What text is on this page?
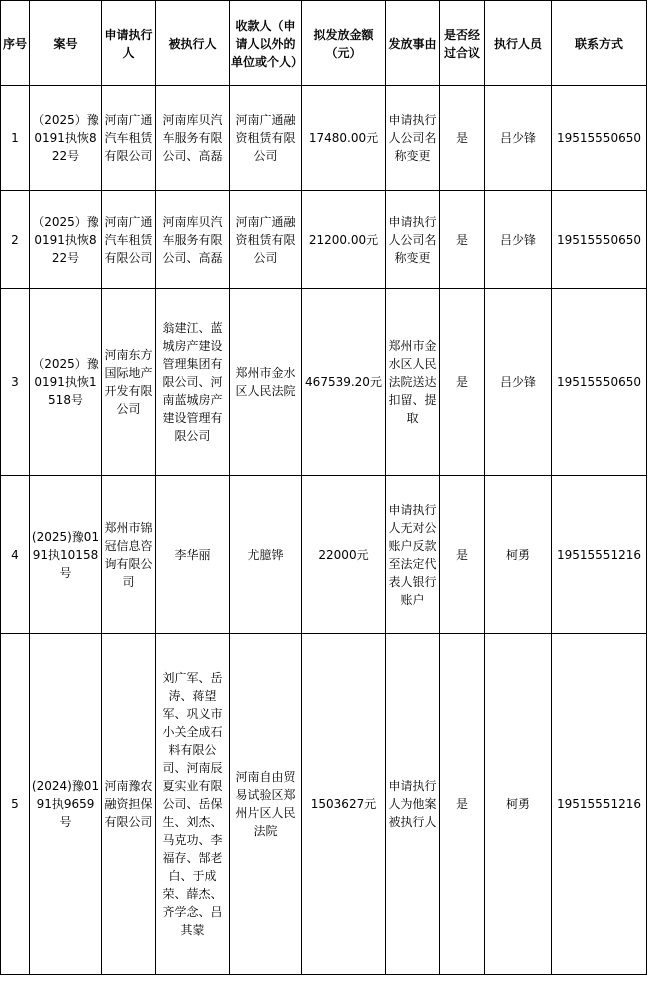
序号	案号	申请执行人	被执行人	收款人（申请人以外的单位或个人）	拟发放金额（元）	发放事由	是否经过合议	执行人员	联系方式
1	（2025）豫0191执恢822号	河南广通汽车租赁有限公司	河南库贝汽车服务有限公司、高磊	河南广通融资租赁有限公司	17480.00元	申请执行人公司名称变更	是	吕少锋	19515550650
2	（2025）豫0191执恢822号	河南广通汽车租赁有限公司	河南库贝汽车服务有限公司、高磊	河南广通融资租赁有限公司	21200.00元	申请执行人公司名称变更	是	吕少锋	19515550650
3	（2025）豫0191执恢1518号	河南东方国际地产开发有限公司	翁建江、蓝城房产建设管理集团有限公司、河南蓝城房产建设管理有限公司	郑州市金水区人民法院	467539.20元	郑州市金水区人民法院送达扣留、提取	是	吕少锋	19515550650
4	(2025)豫0191执10158号	郑州市锦冠信息咨询有限公司	李华丽	尤臆铧	22000元	申请执行人无对公账户反款至法定代表人银行账户	是	柯勇	19515551216
5	(2024)豫0191执9659号	河南豫农融资担保有限公司	刘广军、岳涛、蒋望军、巩义市小关全成石料有限公司、河南辰夏实业有限公司、岳保生、刘杰、马克功、李福存、郜老白、于成荣、薛杰、齐学念、吕其蒙	河南自由贸易试验区郑州片区人民法院	1503627元	申请执行人为他案被执行人	是	柯勇	19515551216
